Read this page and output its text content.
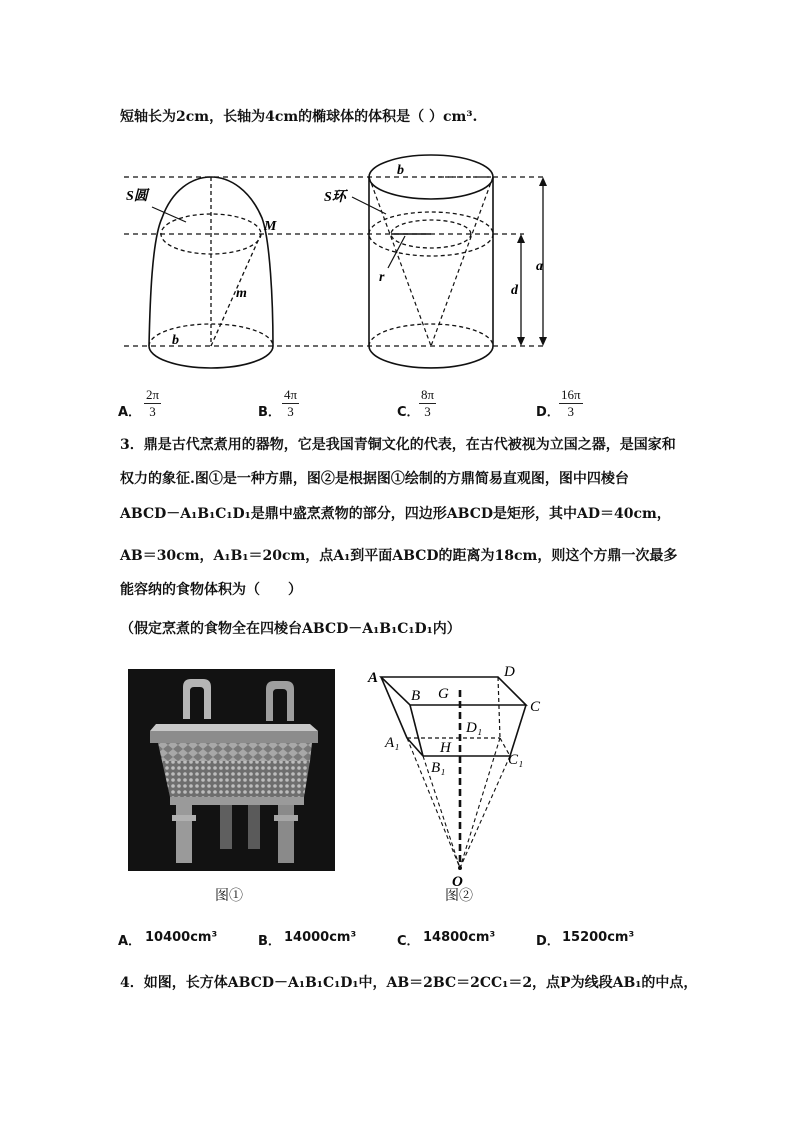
短轴长为2cm，长轴为4cm的椭球体的体积是（ ）cm³.
S圆
M
m
b
S环
b
r
d
a
A． $\frac{2\pi}{3}$	B． $\frac{4\pi}{3}$	C． $\frac{8\pi}{3}$	D． $\frac{16\pi}{3}$
3．鼎是古代烹煮用的器物，它是我国青铜文化的代表，在古代被视为立国之器，是国家和
权力的象征.图①是一种方鼎，图②是根据图①绘制的方鼎简易直观图，图中四棱台
ABCD－A₁B₁C₁D₁是鼎中盛烹煮物的部分，四边形ABCD是矩形，其中AD＝40cm，
AB＝30cm，A₁B₁＝20cm，点A₁到平面ABCD的距离为18cm，则这个方鼎一次最多
能容纳的食物体积为（　　）
（假定烹煮的食物全在四棱台ABCD－A₁B₁C₁D₁内）
图①
A
B G
D
C
D₁
A₁	H
B₁	C₁
O
图②
A． 10400cm³	B． 14000cm³	C． 14800cm³	D． 15200cm³
4．如图，长方体ABCD－A₁B₁C₁D₁中，AB＝2BC＝2CC₁＝2，点P为线段AB₁的中点，
